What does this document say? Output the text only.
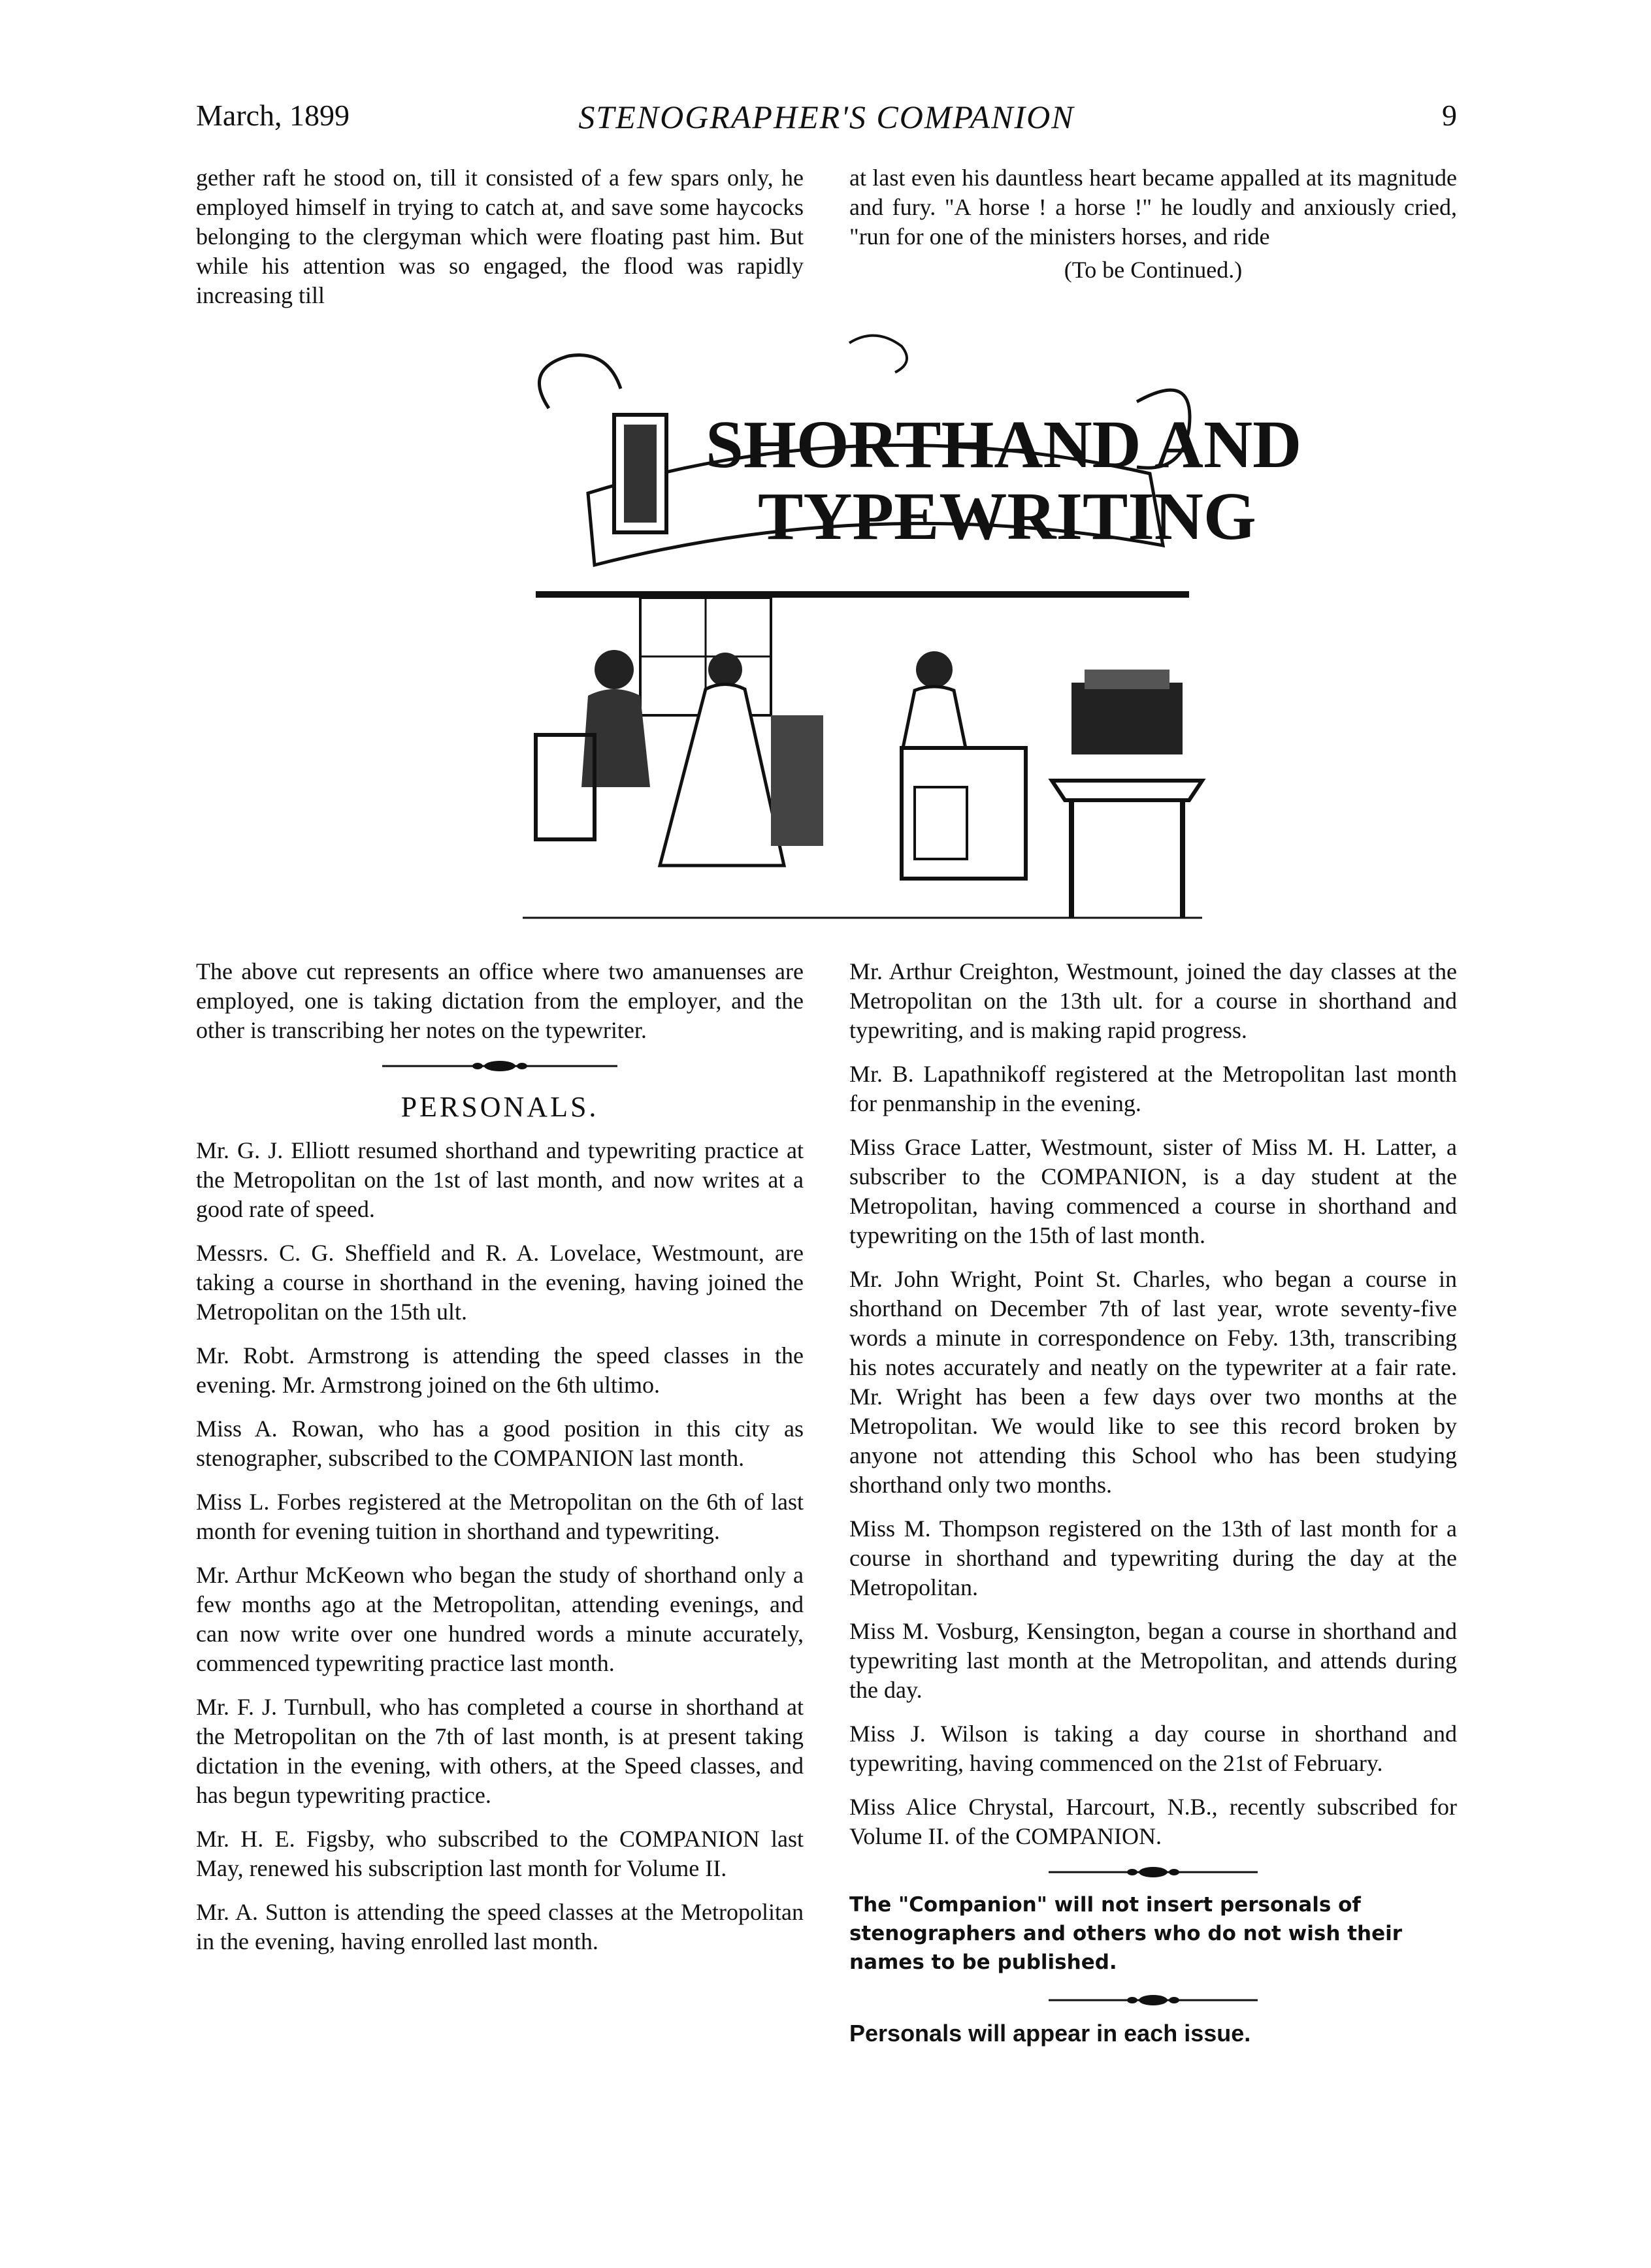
March, 1899	STENOGRAPHER'S COMPANION	9

gether raft he stood on, till it consisted of a few spars only, he employed himself in trying to catch at, and save some haycocks belonging to the clergyman which were floating past him. But while his attention was so engaged, the flood was rapidly increasing till

at last even his dauntless heart became appalled at its magnitude and fury. "A horse ! a horse !" he loudly and anxiously cried, "run for one of the ministers horses, and ride

(To be Continued.)
SHORTHAND AND
TYPEWRITING

The above cut represents an office where two amanuenses are employed, one is taking dictation from the employer, and the other is transcribing her notes on the typewriter.

PERSONALS.

Mr. G. J. Elliott resumed shorthand and typewriting practice at the Metropolitan on the 1st of last month, and now writes at a good rate of speed.

Messrs. C. G. Sheffield and R. A. Lovelace, Westmount, are taking a course in shorthand in the evening, having joined the Metropolitan on the 15th ult.

Mr. Robt. Armstrong is attending the speed classes in the evening. Mr. Armstrong joined on the 6th ultimo.

Miss A. Rowan, who has a good position in this city as stenographer, subscribed to the COMPANION last month.

Miss L. Forbes registered at the Metropolitan on the 6th of last month for evening tuition in shorthand and typewriting.

Mr. Arthur McKeown who began the study of shorthand only a few months ago at the Metropolitan, attending evenings, and can now write over one hundred words a minute accurately, commenced typewriting practice last month.

Mr. F. J. Turnbull, who has completed a course in shorthand at the Metropolitan on the 7th of last month, is at present taking dictation in the evening, with others, at the Speed classes, and has begun typewriting practice.

Mr. H. E. Figsby, who subscribed to the COMPANION last May, renewed his subscription last month for Volume II.

Mr. A. Sutton is attending the speed classes at the Metropolitan in the evening, having enrolled last month.

Mr. Arthur Creighton, Westmount, joined the day classes at the Metropolitan on the 13th ult. for a course in shorthand and typewriting, and is making rapid progress.

Mr. B. Lapathnikoff registered at the Metropolitan last month for penmanship in the evening.

Miss Grace Latter, Westmount, sister of Miss M. H. Latter, a subscriber to the COMPANION, is a day student at the Metropolitan, having commenced a course in shorthand and typewriting on the 15th of last month.

Mr. John Wright, Point St. Charles, who began a course in shorthand on December 7th of last year, wrote seventy-five words a minute in correspondence on Feby. 13th, transcribing his notes accurately and neatly on the typewriter at a fair rate. Mr. Wright has been a few days over two months at the Metropolitan. We would like to see this record broken by anyone not attending this School who has been studying shorthand only two months.

Miss M. Thompson registered on the 13th of last month for a course in shorthand and typewriting during the day at the Metropolitan.

Miss M. Vosburg, Kensington, began a course in shorthand and typewriting last month at the Metropolitan, and attends during the day.

Miss J. Wilson is taking a day course in shorthand and typewriting, having commenced on the 21st of February.

Miss Alice Chrystal, Harcourt, N.B., recently subscribed for Volume II. of the COMPANION.

The "Companion" will not insert personals of stenographers and others who do not wish their names to be published.
Personals will appear in each issue.
